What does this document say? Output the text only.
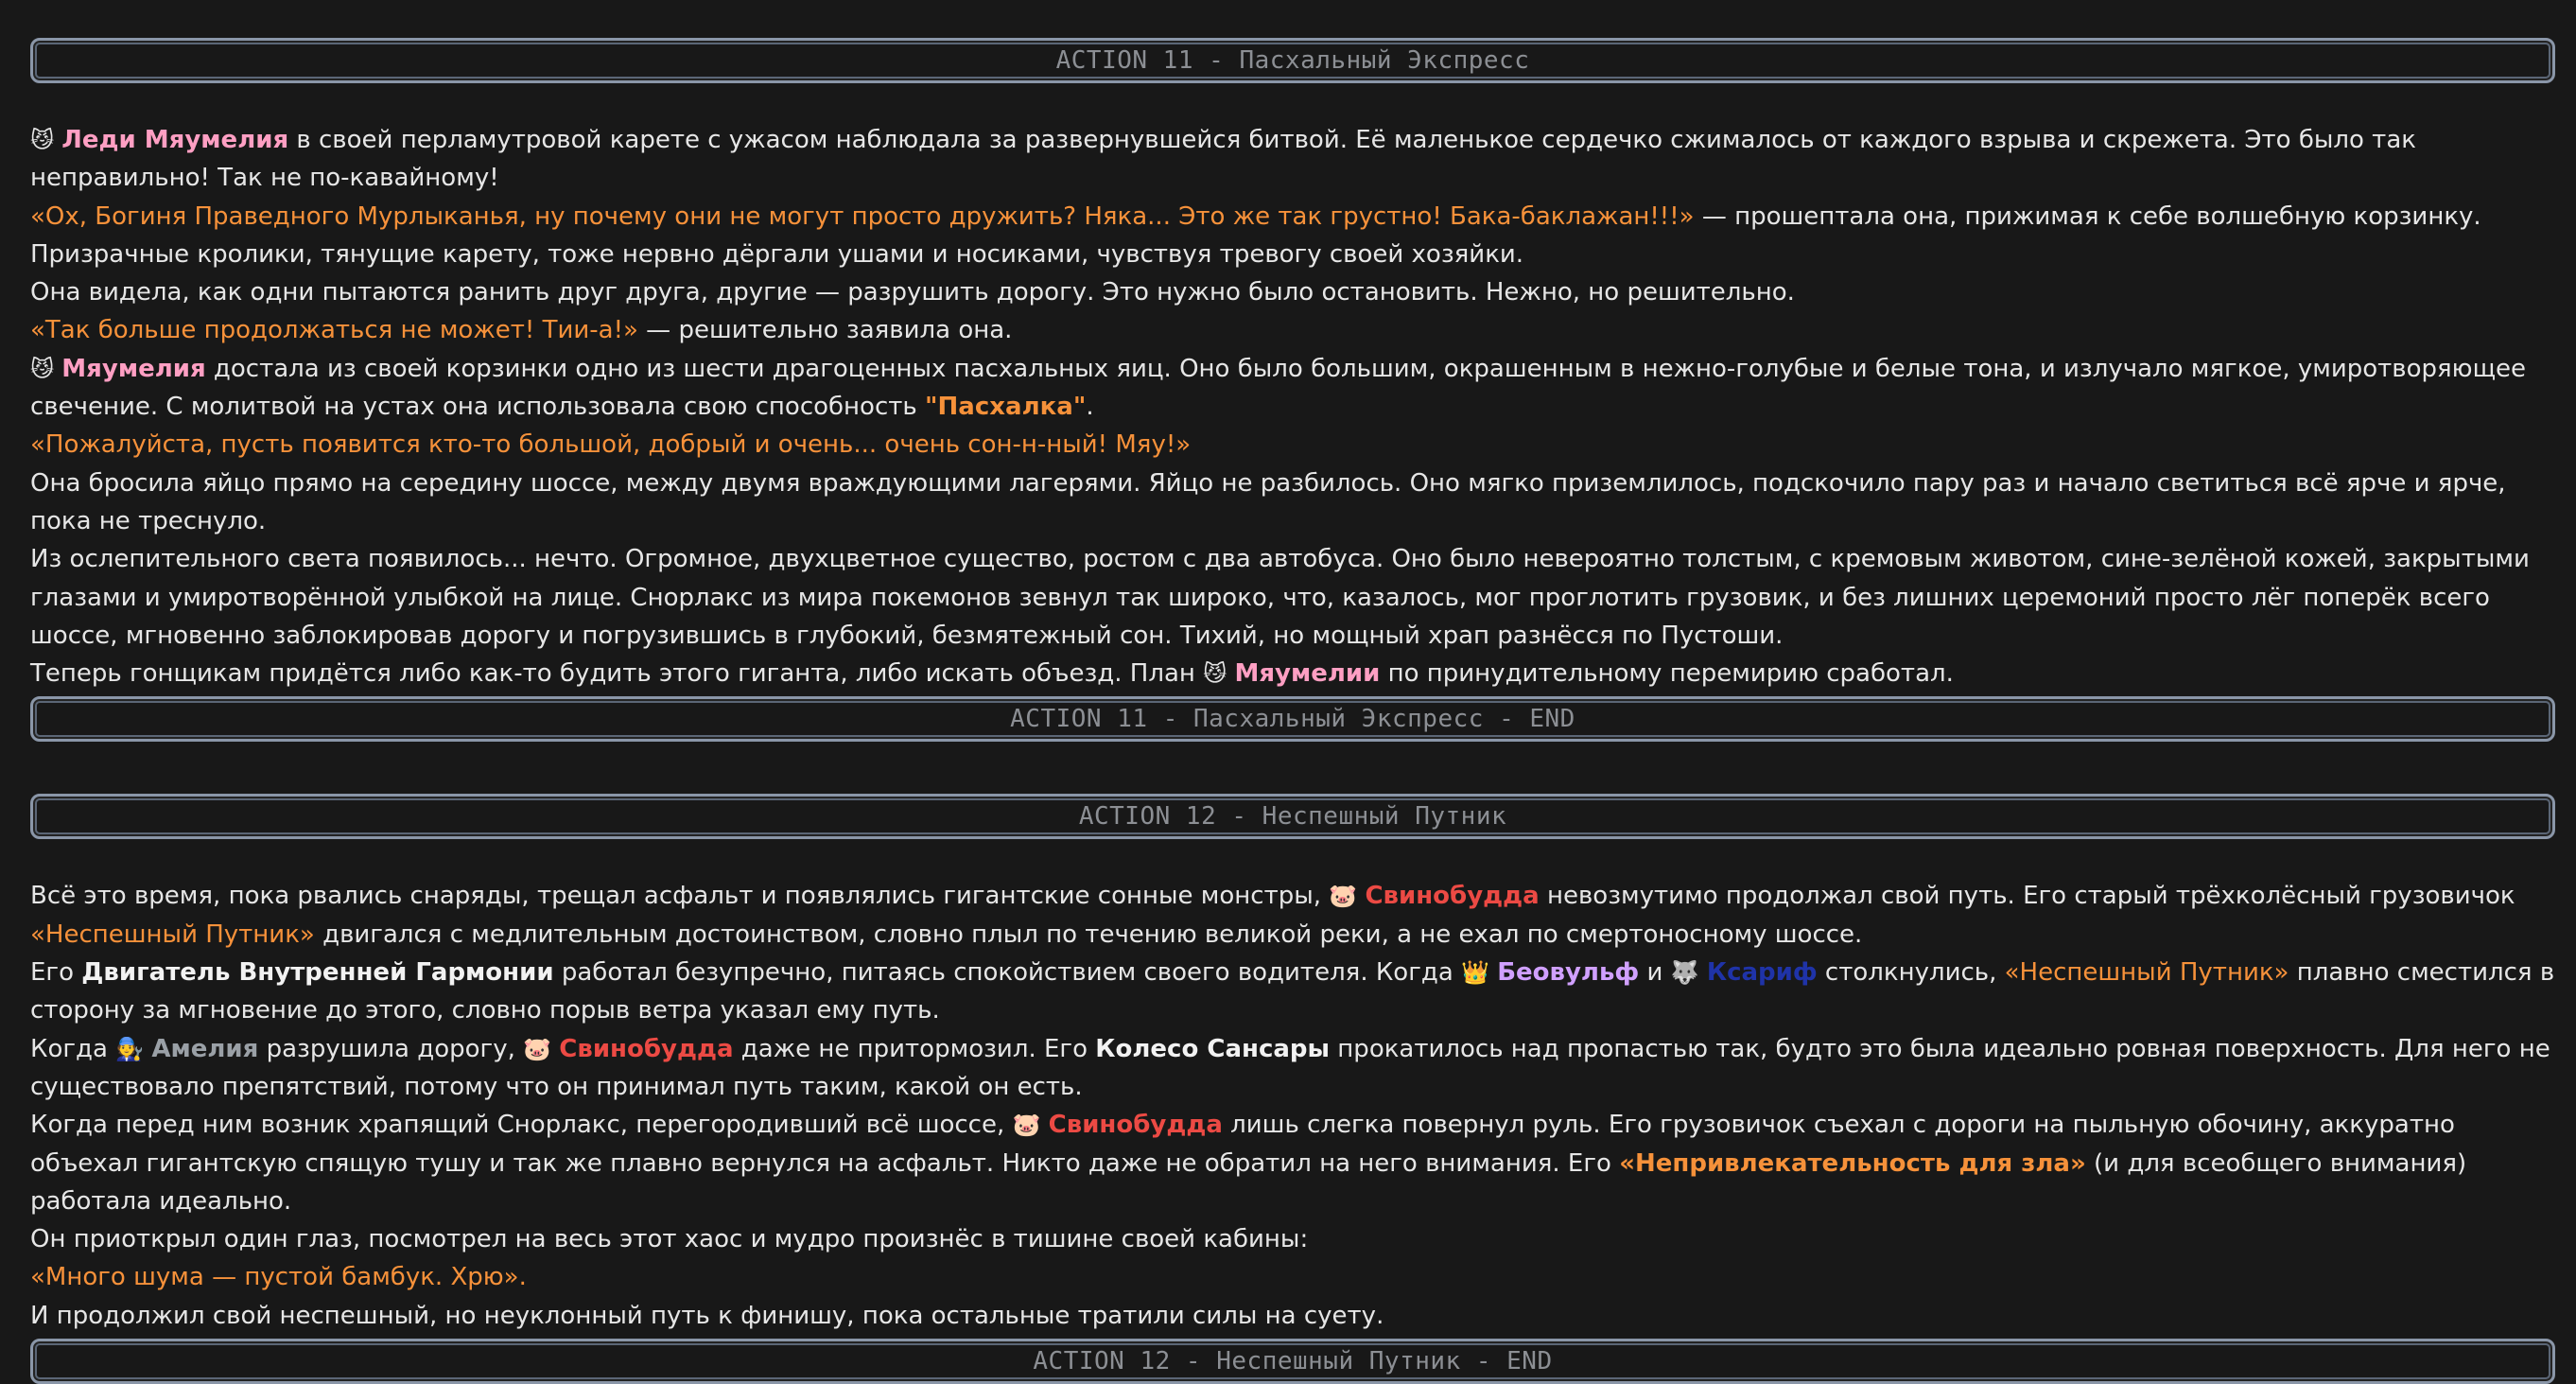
ACTION 11 - Пасхальный Экспресс

😼 Леди Мяумелия в своей перламутровой карете с ужасом наблюдала за развернувшейся битвой. Её маленькое сердечко сжималось от каждого взрыва и скрежета. Это было так неправильно! Так не по-кавайному!

«Ох, Богиня Праведного Мурлыканья, ну почему они не могут просто дружить? Няка... Это же так грустно! Бака-баклажан!!!» — прошептала она, прижимая к себе волшебную корзинку. Призрачные кролики, тянущие карету, тоже нервно дёргали ушами и носиками, чувствуя тревогу своей хозяйки.

Она видела, как одни пытаются ранить друг друга, другие — разрушить дорогу. Это нужно было остановить. Нежно, но решительно.

«Так больше продолжаться не может! Тии-а!» — решительно заявила она.

😼 Мяумелия достала из своей корзинки одно из шести драгоценных пасхальных яиц. Оно было большим, окрашенным в нежно-голубые и белые тона, и излучало мягкое, умиротворяющее свечение. С молитвой на устах она использовала свою способность "Пасхалка".

«Пожалуйста, пусть появится кто-то большой, добрый и очень... очень сон-н-ный! Мяу!»

Она бросила яйцо прямо на середину шоссе, между двумя враждующими лагерями. Яйцо не разбилось. Оно мягко приземлилось, подскочило пару раз и начало светиться всё ярче и ярче, пока не треснуло.

Из ослепительного света появилось... нечто. Огромное, двухцветное существо, ростом с два автобуса. Оно было невероятно толстым, с кремовым животом, сине-зелёной кожей, закрытыми глазами и умиротворённой улыбкой на лице. Снорлакс из мира покемонов зевнул так широко, что, казалось, мог проглотить грузовик, и без лишних церемоний просто лёг поперёк всего шоссе, мгновенно заблокировав дорогу и погрузившись в глубокий, безмятежный сон. Тихий, но мощный храп разнёсся по Пустоши.

Теперь гонщикам придётся либо как-то будить этого гиганта, либо искать объезд. План 😼 Мяумелии по принудительному перемирию сработал.

ACTION 11 - Пасхальный Экспресс - END
ACTION 12 - Неспешный Путник

Всё это время, пока рвались снаряды, трещал асфальт и появлялись гигантские сонные монстры, 🐷 Свинобудда невозмутимо продолжал свой путь. Его старый трёхколёсный грузовичок «Неспешный Путник» двигался с медлительным достоинством, словно плыл по течению великой реки, а не ехал по смертоносному шоссе.

Его Двигатель Внутренней Гармонии работал безупречно, питаясь спокойствием своего водителя. Когда 👑 Беовульф и 🐺 Ксариф столкнулись, «Неспешный Путник» плавно сместился в сторону за мгновение до этого, словно порыв ветра указал ему путь.

Когда 🧑‍🔧 Амелия разрушила дорогу, 🐷 Свинобудда даже не притормозил. Его Колесо Сансары прокатилось над пропастью так, будто это была идеально ровная поверхность. Для него не существовало препятствий, потому что он принимал путь таким, какой он есть.

Когда перед ним возник храпящий Снорлакс, перегородивший всё шоссе, 🐷 Свинобудда лишь слегка повернул руль. Его грузовичок съехал с дороги на пыльную обочину, аккуратно объехал гигантскую спящую тушу и так же плавно вернулся на асфальт. Никто даже не обратил на него внимания. Его «Непривлекательность для зла» (и для всеобщего внимания) работала идеально.

Он приоткрыл один глаз, посмотрел на весь этот хаос и мудро произнёс в тишине своей кабины:

«Много шума — пустой бамбук. Хрю».

И продолжил свой неспешный, но неуклонный путь к финишу, пока остальные тратили силы на суету.

ACTION 12 - Неспешный Путник - END
